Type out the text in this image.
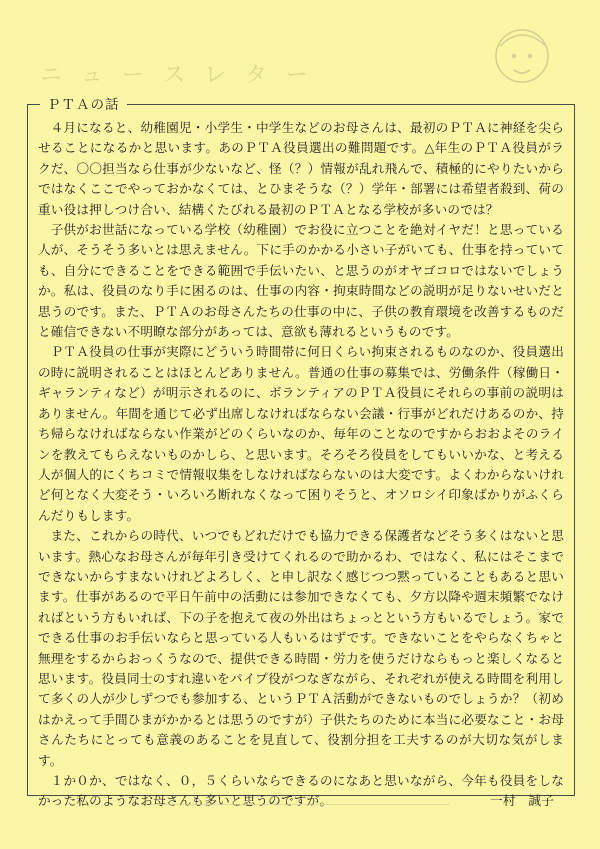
ニ ュ ー ス レ タ ー
ＰＴＡの話

４月になると、幼稚園児・小学生・中学生などのお母さんは、最初のＰＴＡに神経を尖らせることになるかと思います。あのＰＴＡ役員選出の難問題です。△年生のＰＴＡ役員がラクだ、〇〇担当なら仕事が少ないなど、怪（？）情報が乱れ飛んで、積極的にやりたいからではなくここでやっておかなくては、とひまそうな（？）学年・部署には希望者殺到、荷の重い役は押しつけ合い、結構くたびれる最初のＰＴＡとなる学校が多いのでは？

子供がお世話になっている学校（幼稚園）でお役に立つことを絶対イヤだ！と思っている人が、そうそう多いとは思えません。下に手のかかる小さい子がいても、仕事を持っていても、自分にできることをできる範囲で手伝いたい、と思うのがオヤゴコロではないでしょうか。私は、役員のなり手に困るのは、仕事の内容・拘束時間などの説明が足りないせいだと思うのです。また、ＰＴＡのお母さんたちの仕事の中に、子供の教育環境を改善するものだと確信できない不明瞭な部分があっては、意欲も薄れるというものです。

ＰＴＡ役員の仕事が実際にどういう時間帯に何日くらい拘束されるものなのか、役員選出の時に説明されることはほとんどありません。普通の仕事の募集では、労働条件（稼働日・ギャランティなど）が明示されるのに、ボランティアのＰＴＡ役員にそれらの事前の説明はありません。年間を通じて必ず出席しなければならない会議・行事がどれだけあるのか、持ち帰らなければならない作業がどのくらいなのか、毎年のことなのですからおおよそのラインを教えてもらえないものかしら、と思います。そろそろ役員をしてもいいかな、と考える人が個人的にくちコミで情報収集をしなければならないのは大変です。よくわからないけれど何となく大変そう・いろいろ断れなくなって困りそうと、オソロシイ印象ばかりがふくらんだりもします。

また、これからの時代、いつでもどれだけでも協力できる保護者などそう多くはないと思います。熱心なお母さんが毎年引き受けてくれるので助かるわ、ではなく、私にはそこまでできないからすまないけれどよろしく、と申し訳なく感じつつ黙っていることもあると思います。仕事があるので平日午前中の活動には参加できなくても、夕方以降や週末頻繁でなければという方もいれば、下の子を抱えて夜の外出はちょっとという方もいるでしょう。家でできる仕事のお手伝いならと思っている人もいるはずです。できないことをやらなくちゃと無理をするからおっくうなので、提供できる時間・労力を使うだけならもっと楽しくなると思います。役員同士のすれ違いをパイプ役がつなぎながら、それぞれが使える時間を利用して多くの人が少しずつでも参加する、というＰＴＡ活動ができないものでしょうか？（初めはかえって手間ひまがかかるとは思うのですが）子供たちのために本当に必要なこと・お母さんたちにとっても意義のあることを見直して、役割分担を工夫するのが大切な気がします。

１か０か、ではなく、０，５くらいならできるのになあと思いながら、今年も役員をしなかった私のようなお母さんも多いと思うのですが。	一村　誠子
